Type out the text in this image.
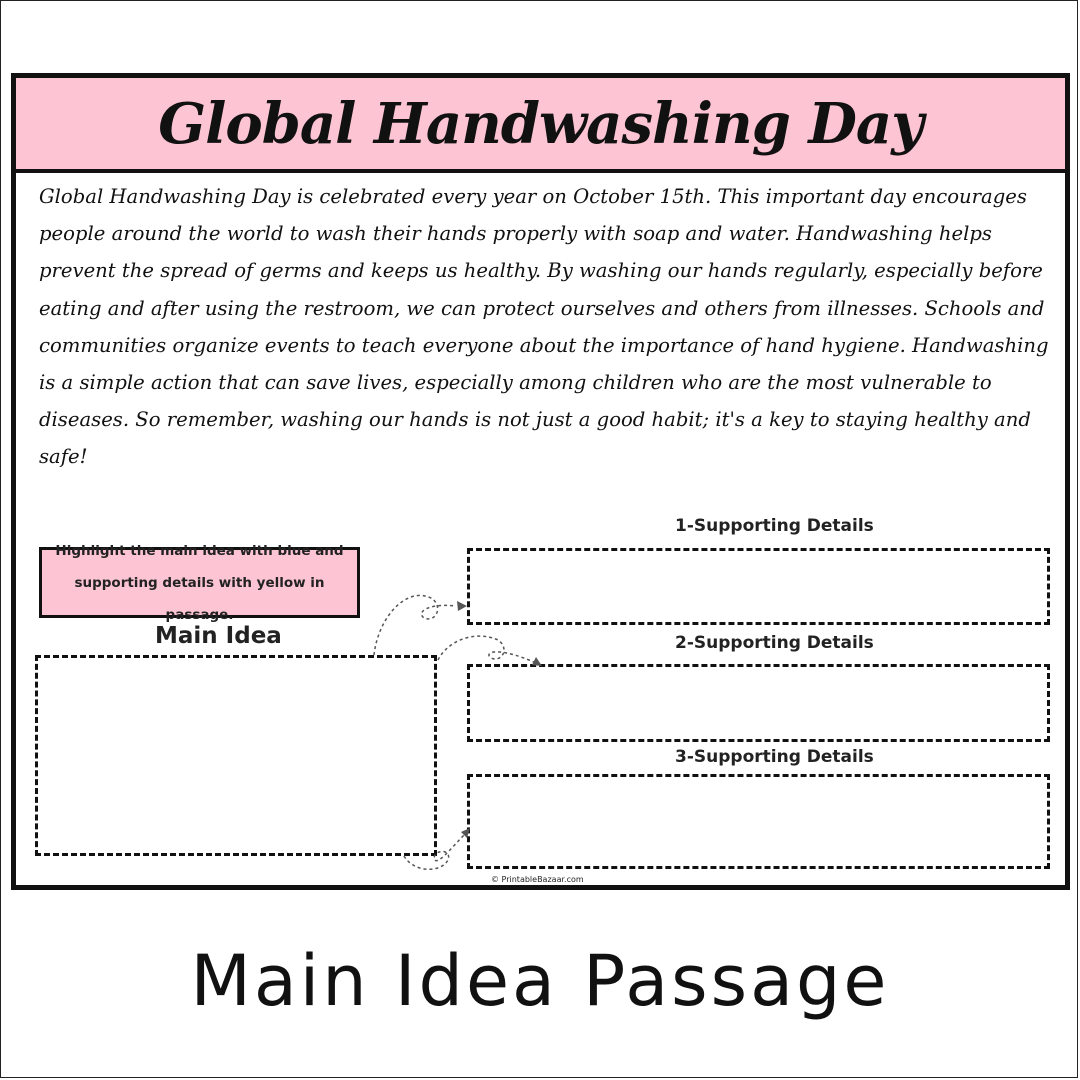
Global Handwashing Day
Global Handwashing Day is celebrated every year on October 15th. This important day encourages people around the world to wash their hands properly with soap and water. Handwashing helps prevent the spread of germs and keeps us healthy. By washing our hands regularly, especially before eating and after using the restroom, we can protect ourselves and others from illnesses. Schools and communities organize events to teach everyone about the importance of hand hygiene. Handwashing is a simple action that can save lives, especially among children who are the most vulnerable to diseases. So remember, washing our hands is not just a good habit; it's a key to staying healthy and safe!
Highlight the main idea with blue and supporting details with yellow in passage.
Main Idea
1-Supporting Details
2-Supporting Details
3-Supporting Details
© PrintableBazaar.com
Main Idea Passage
